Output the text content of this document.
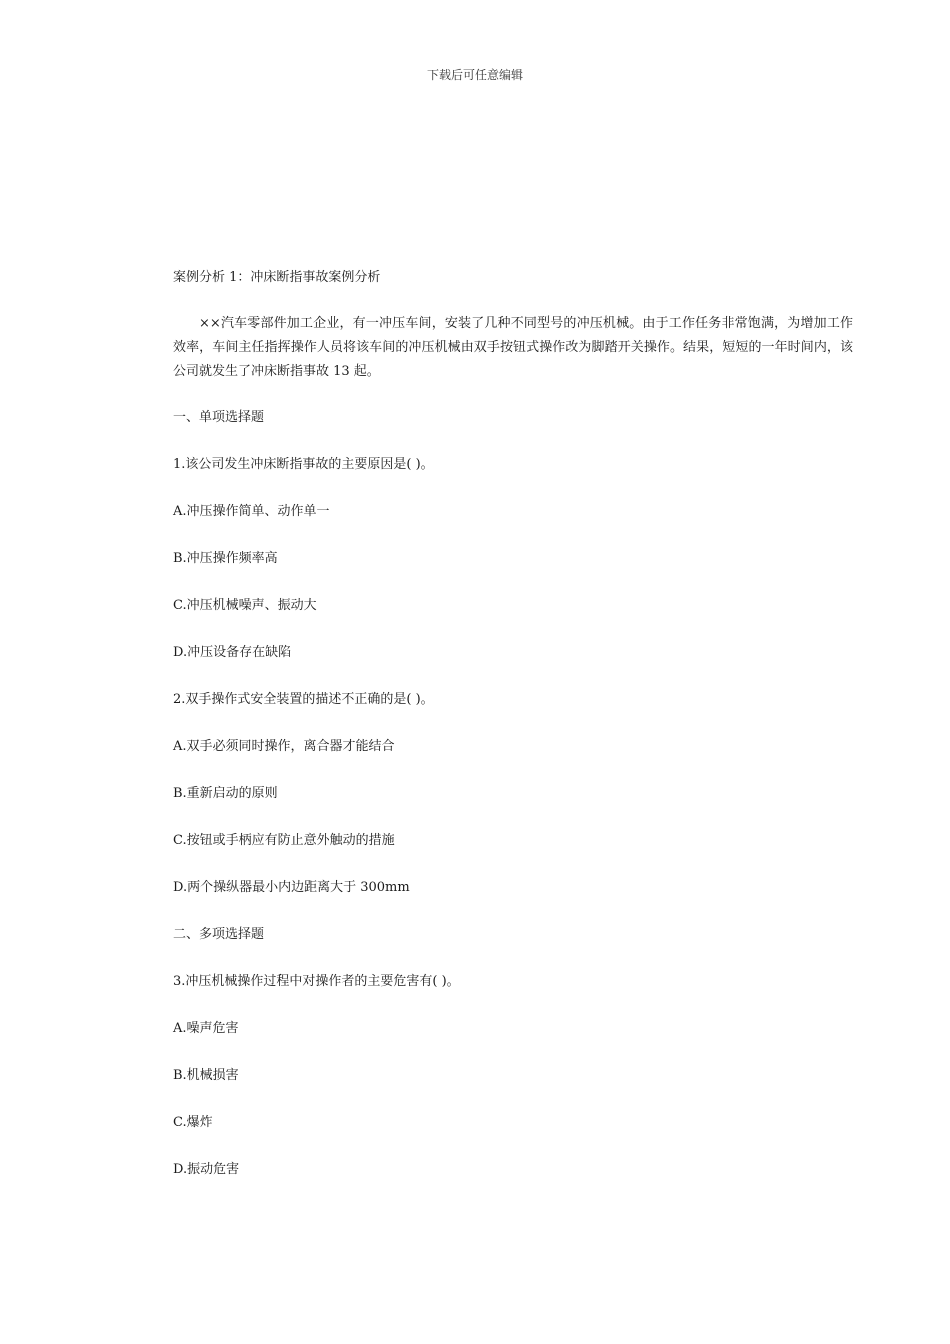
下载后可任意编辑

案例分析 1：冲床断指事故案例分析

××汽车零部件加工企业，有一冲压车间，安装了几种不同型号的冲压机械。由于工作任务非常饱满，为增加工作效率，车间主任指挥操作人员将该车间的冲压机械由双手按钮式操作改为脚踏开关操作。结果，短短的一年时间内，该公司就发生了冲床断指事故 13 起。

一、单项选择题

1.该公司发生冲床断指事故的主要原因是( )。

A.冲压操作简单、动作单一

B.冲压操作频率高

C.冲压机械噪声、振动大

D.冲压设备存在缺陷

2.双手操作式安全装置的描述不正确的是( )。

A.双手必须同时操作，离合器才能结合

B.重新启动的原则

C.按钮或手柄应有防止意外触动的措施

D.两个操纵器最小内边距离大于 300mm

二、多项选择题

3.冲压机械操作过程中对操作者的主要危害有( )。

A.噪声危害

B.机械损害

C.爆炸

D.振动危害
